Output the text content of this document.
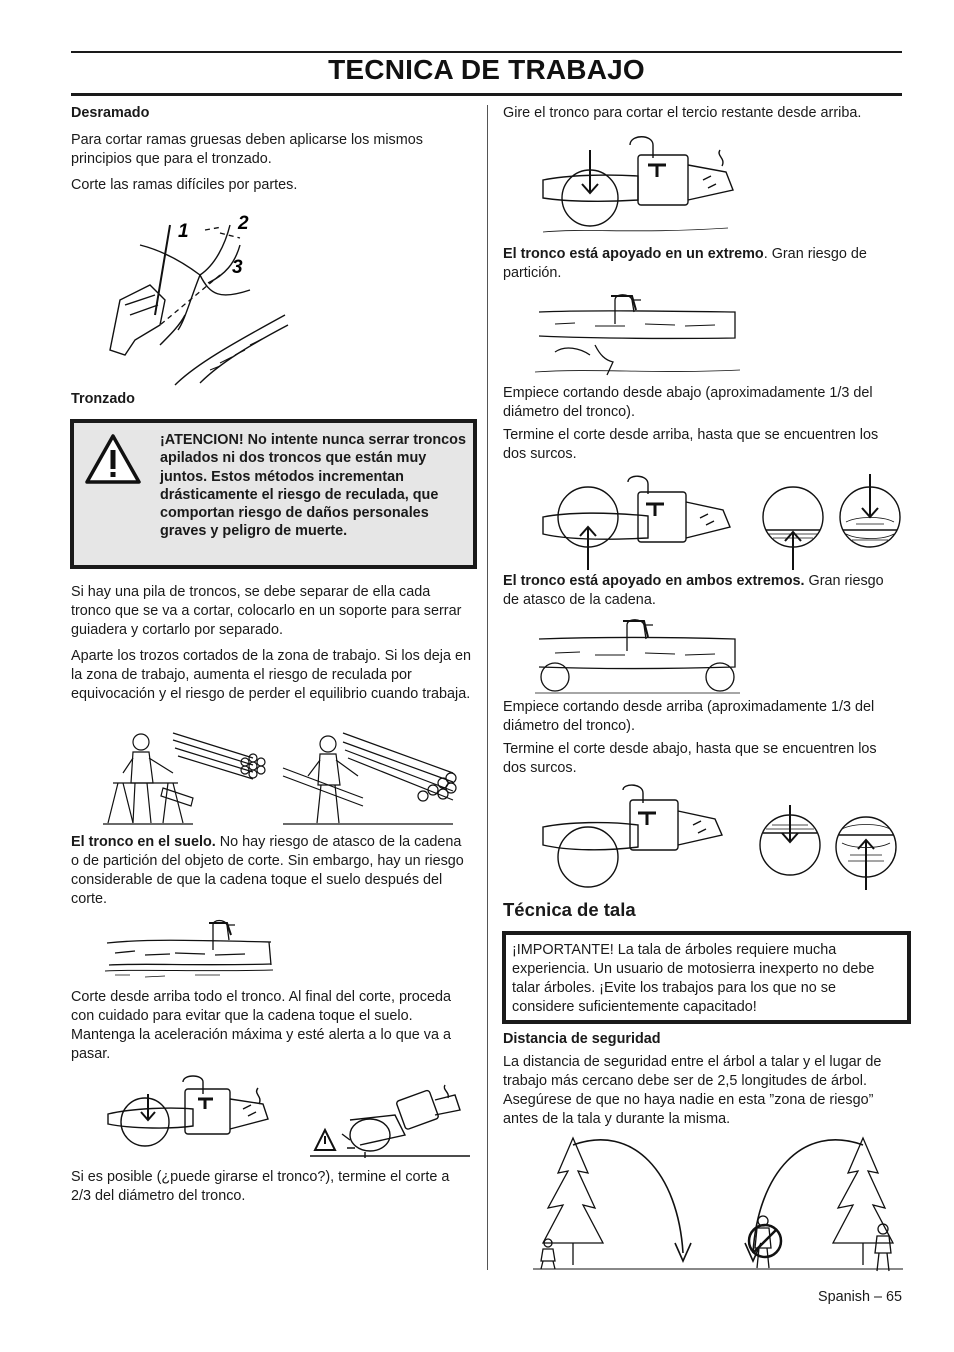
TECNICA DE TRABAJO
Desramado
Para cortar ramas gruesas deben aplicarse los mismos principios que para el tronzado.
Corte las ramas difíciles por partes.
1	2
3
Tronzado
¡ATENCION! No intente nunca serrar troncos apilados ni dos troncos que están muy juntos. Estos métodos incrementan drásticamente el riesgo de reculada, que comportan riesgo de daños personales graves y peligro de muerte.
Si hay una pila de troncos, se debe separar de ella cada tronco que se va a cortar, colocarlo en un soporte para serrar guiadera y cortarlo por separado.
Aparte los trozos cortados de la zona de trabajo. Si los deja en la zona de trabajo, aumenta el riesgo de reculada por equivocación y el riesgo de perder el equilibrio cuando trabaja.
El tronco en el suelo. No hay riesgo de atasco de la cadena o de partición del objeto de corte. Sin embargo, hay un riesgo considerable de que la cadena toque el suelo después del corte.
Corte desde arriba todo el tronco. Al final del corte, proceda con cuidado para evitar que la cadena toque el suelo. Mantenga la aceleración máxima y esté alerta a lo que va a pasar.
Si es posible (¿puede girarse el tronco?), termine el corte a 2/3 del diámetro del tronco.
Gire el tronco para cortar el tercio restante desde arriba.
El tronco está apoyado en un extremo. Gran riesgo de partición.
Empiece cortando desde abajo (aproximadamente 1/3 del diámetro del tronco).
Termine el corte desde arriba, hasta que se encuentren los dos surcos.
El tronco está apoyado en ambos extremos. Gran riesgo de atasco de la cadena.
Empiece cortando desde arriba (aproximadamente 1/3 del diámetro del tronco).
Termine el corte desde abajo, hasta que se encuentren los dos surcos.
Técnica de tala
¡IMPORTANTE! La tala de árboles requiere mucha experiencia. Un usuario de motosierra inexperto no debe talar árboles. ¡Evite los trabajos para los que no se considere suficientemente capacitado!
Distancia de seguridad
La distancia de seguridad entre el árbol a talar y el lugar de trabajo más cercano debe ser de 2,5 longitudes de árbol. Asegúrese de que no haya nadie en esta ”zona de riesgo” antes de la tala y durante la misma.
Spanish – 65
